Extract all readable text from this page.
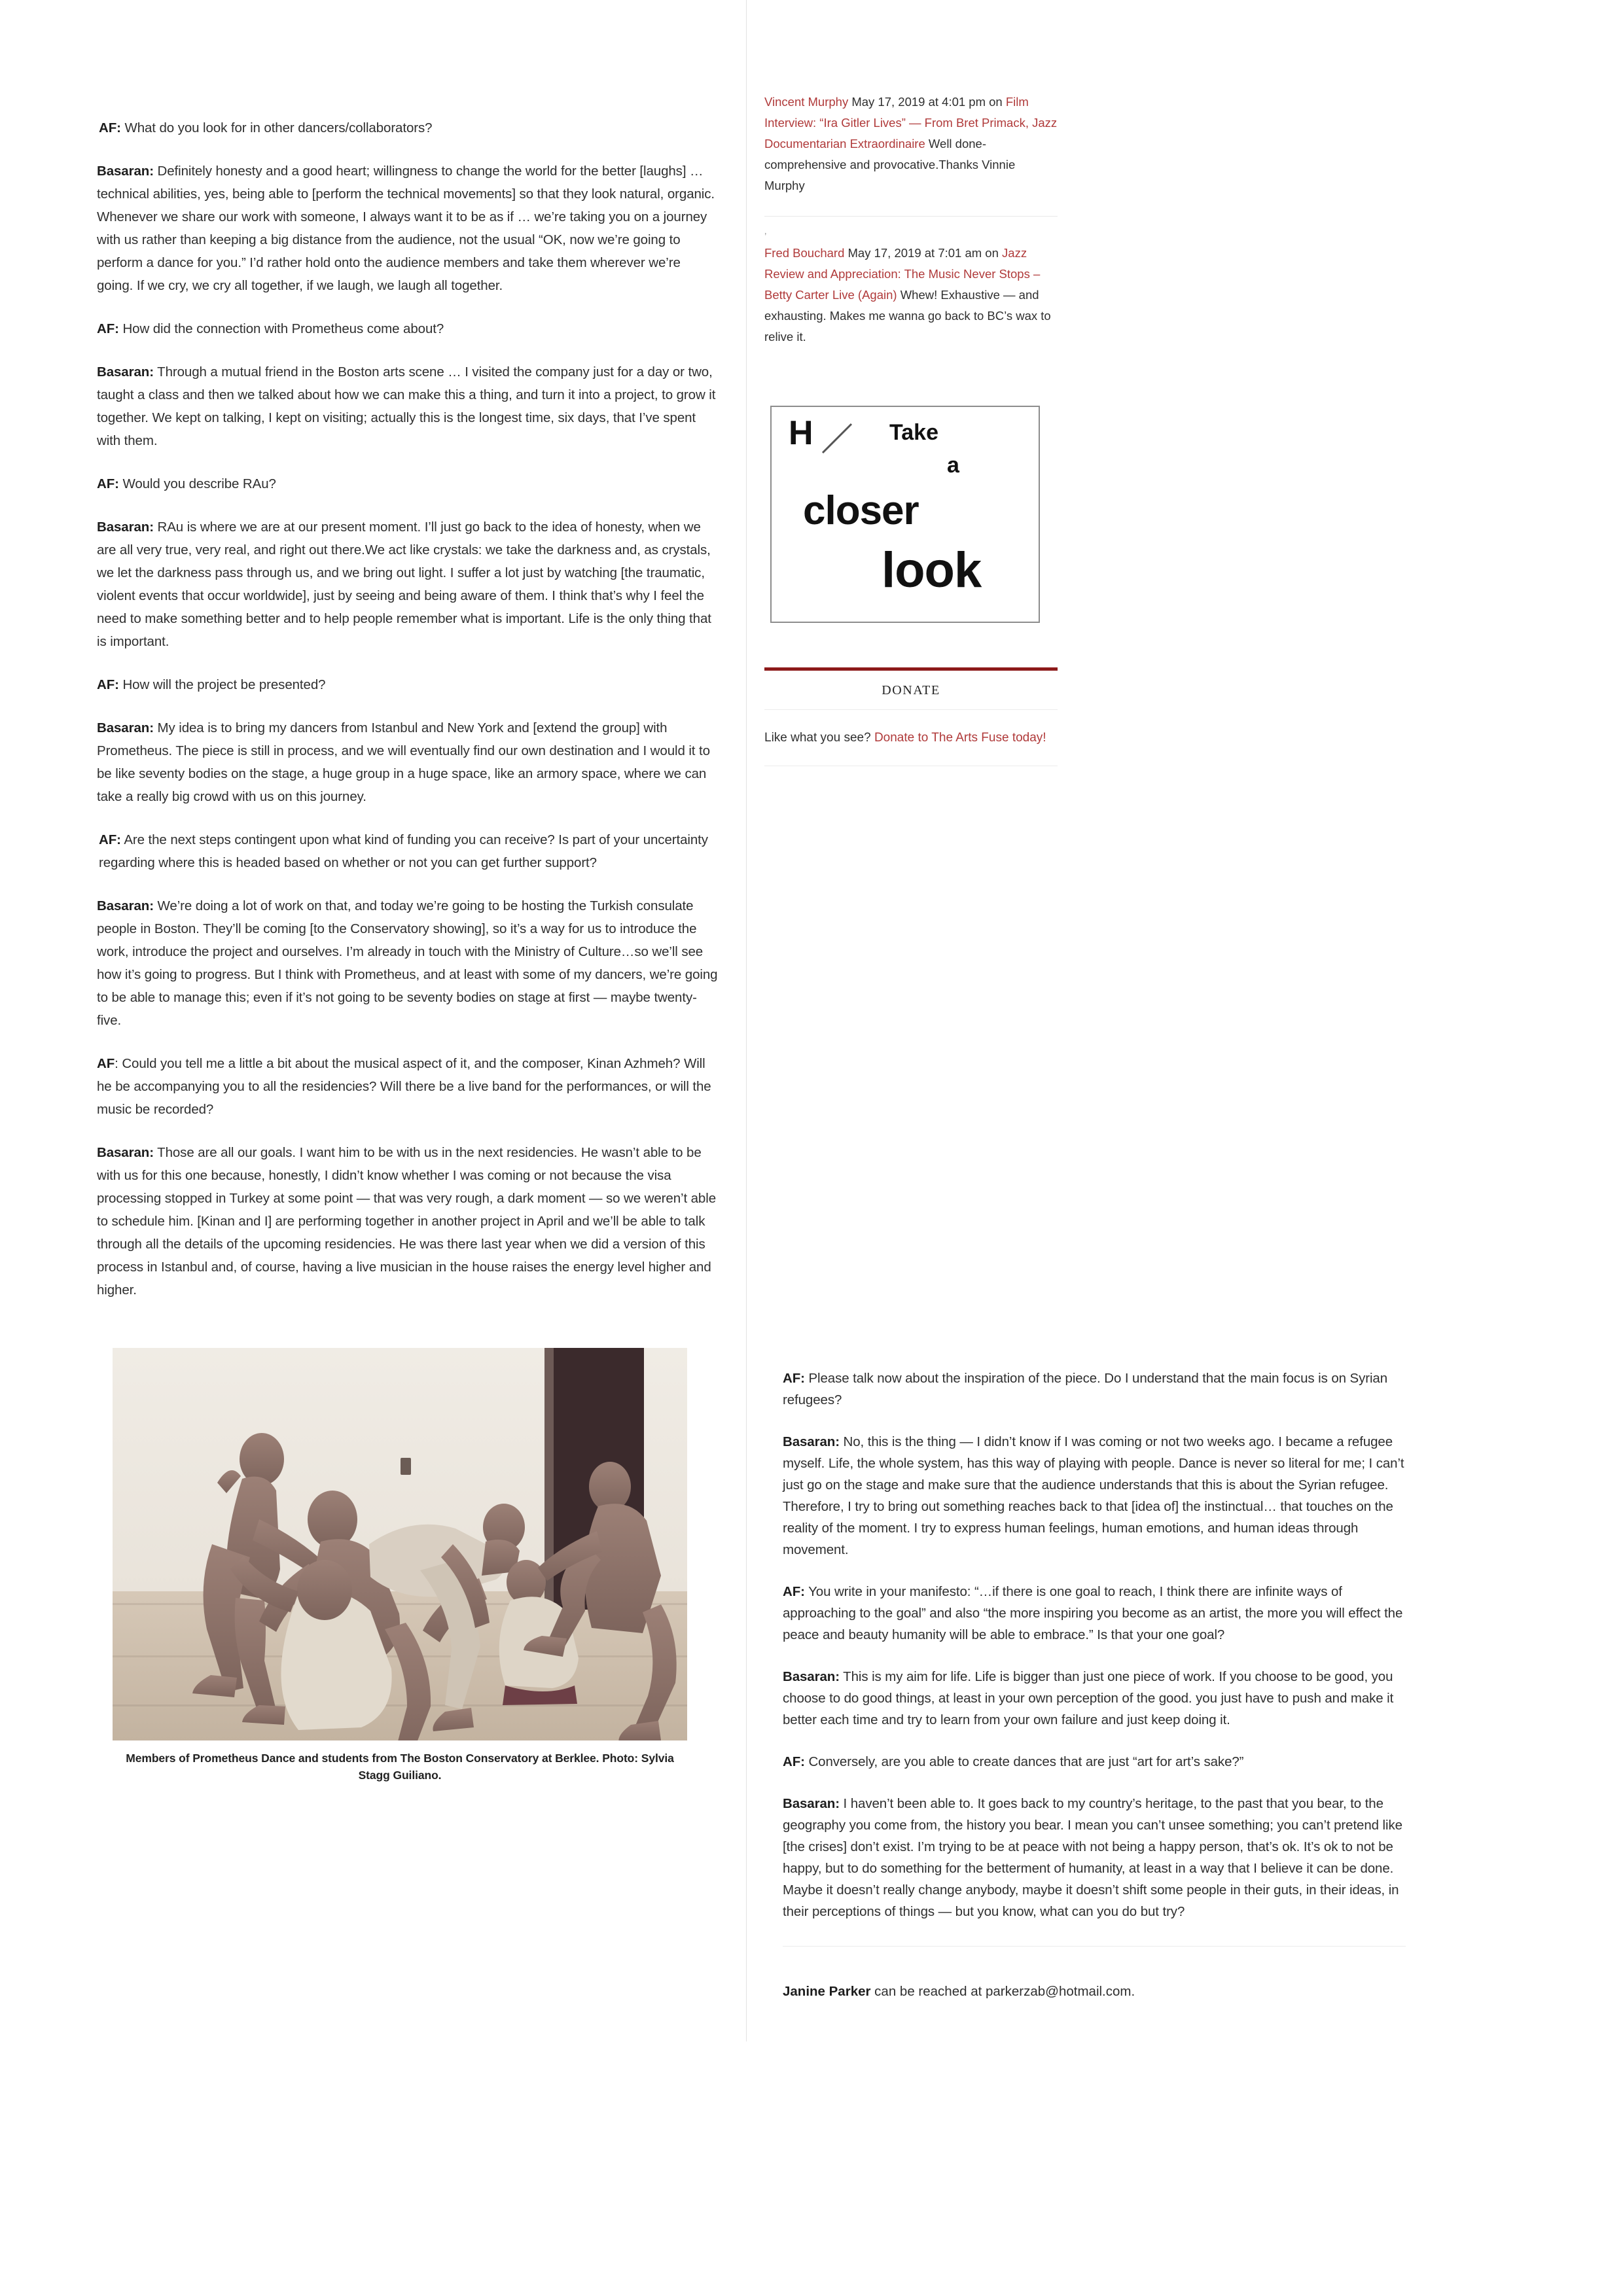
AF: What do you look for in other dancers/collaborators?

Basaran: Definitely honesty and a good heart; willingness to change the world for the better [laughs] …technical abilities, yes, being able to [perform the technical movements] so that they look natural, organic. Whenever we share our work with someone, I always want it to be as if … we’re taking you on a journey with us rather than keeping a big distance from the audience, not the usual “OK, now we’re going to perform a dance for you.” I’d rather hold onto the audience members and take them wherever we’re going. If we cry, we cry all together, if we laugh, we laugh all together.

AF: How did the connection with Prometheus come about?

Basaran: Through a mutual friend in the Boston arts scene … I visited the company just for a day or two, taught a class and then we talked about how we can make this a thing, and turn it into a project, to grow it together. We kept on talking, I kept on visiting; actually this is the longest time, six days, that I’ve spent with them.

AF: Would you describe RAu?

Basaran: RAu is where we are at our present moment. I’ll just go back to the idea of honesty, when we are all very true, very real, and right out there.We act like crystals: we take the darkness and, as crystals, we let the darkness pass through us, and we bring out light. I suffer a lot just by watching [the traumatic, violent events that occur worldwide], just by seeing and being aware of them. I think that’s why I feel the need to make something better and to help people remember what is important. Life is the only thing that is important.

AF: How will the project be presented?

Basaran: My idea is to bring my dancers from Istanbul and New York and [extend the group] with Prometheus. The piece is still in process, and we will eventually find our own destination and I would it to be like seventy bodies on the stage, a huge group in a huge space, like an armory space, where we can take a really big crowd with us on this journey.

AF: Are the next steps contingent upon what kind of funding you can receive? Is part of your uncertainty regarding where this is headed based on whether or not you can get further support?

Basaran: We’re doing a lot of work on that, and today we’re going to be hosting the Turkish consulate people in Boston. They’ll be coming [to the Conservatory showing], so it’s a way for us to introduce the work, introduce the project and ourselves. I’m already in touch with the Ministry of Culture…so we’ll see how it’s going to progress. But I think with Prometheus, and at least with some of my dancers, we’re going to be able to manage this; even if it’s not going to be seventy bodies on stage at first — maybe twenty-five.

AF: Could you tell me a little a bit about the musical aspect of it, and the composer, Kinan Azhmeh? Will he be accompanying you to all the residencies? Will there be a live band for the performances, or will the music be recorded?

Basaran: Those are all our goals. I want him to be with us in the next residencies. He wasn’t able to be with us for this one because, honestly, I didn’t know whether I was coming or not because the visa processing stopped in Turkey at some point — that was very rough, a dark moment — so we weren’t able to schedule him. [Kinan and I] are performing together in another project in April and we’ll be able to talk through all the details of the upcoming residencies. He was there last year when we did a version of this process in Istanbul and, of course, having a live musician in the house raises the energy level higher and higher.

Members of Prometheus Dance and students from The Boston Conservatory at Berklee. Photo: Sylvia Stagg Guiliano.
Vincent Murphy May 17, 2019 at 4:01 pm on Film Interview: “Ira Gitler Lives” — From Bret Primack, Jazz Documentarian Extraordinaire Well done-comprehensive and provocative.Thanks Vinnie Murphy
’
Fred Bouchard May 17, 2019 at 7:01 am on Jazz Review and Appreciation: The Music Never Stops – Betty Carter Live (Again) Whew! Exhaustive — and exhausting. Makes me wanna go back to BC’s wax to relive it.
H	Take
a
closer
look
DONATE
Like what you see? Donate to The Arts Fuse today!

AF: Please talk now about the inspiration of the piece. Do I understand that the main focus is on Syrian refugees?

Basaran: No, this is the thing — I didn’t know if I was coming or not two weeks ago. I became a refugee myself. Life, the whole system, has this way of playing with people. Dance is never so literal for me; I can’t just go on the stage and make sure that the audience understands that this is about the Syrian refugee. Therefore, I try to bring out something reaches back to that [idea of] the instinctual… that touches on the reality of the moment. I try to express human feelings, human emotions, and human ideas through movement.

AF: You write in your manifesto: “…if there is one goal to reach, I think there are infinite ways of approaching to the goal” and also “the more inspiring you become as an artist, the more you will effect the peace and beauty humanity will be able to embrace.” Is that your one goal?

Basaran: This is my aim for life. Life is bigger than just one piece of work. If you choose to be good, you choose to do good things, at least in your own perception of the good. you just have to push and make it better each time and try to learn from your own failure and just keep doing it.

AF: Conversely, are you able to create dances that are just “art for art’s sake?”

Basaran: I haven’t been able to. It goes back to my country’s heritage, to the past that you bear, to the geography you come from, the history you bear. I mean you can’t unsee something; you can’t pretend like [the crises] don’t exist. I’m trying to be at peace with not being a happy person, that’s ok. It’s ok to not be happy, but to do something for the betterment of humanity, at least in a way that I believe it can be done. Maybe it doesn’t really change anybody, maybe it doesn’t shift some people in their guts, in their ideas, in their perceptions of things — but you know, what can you do but try?

Janine Parker can be reached at parkerzab@hotmail.com.
